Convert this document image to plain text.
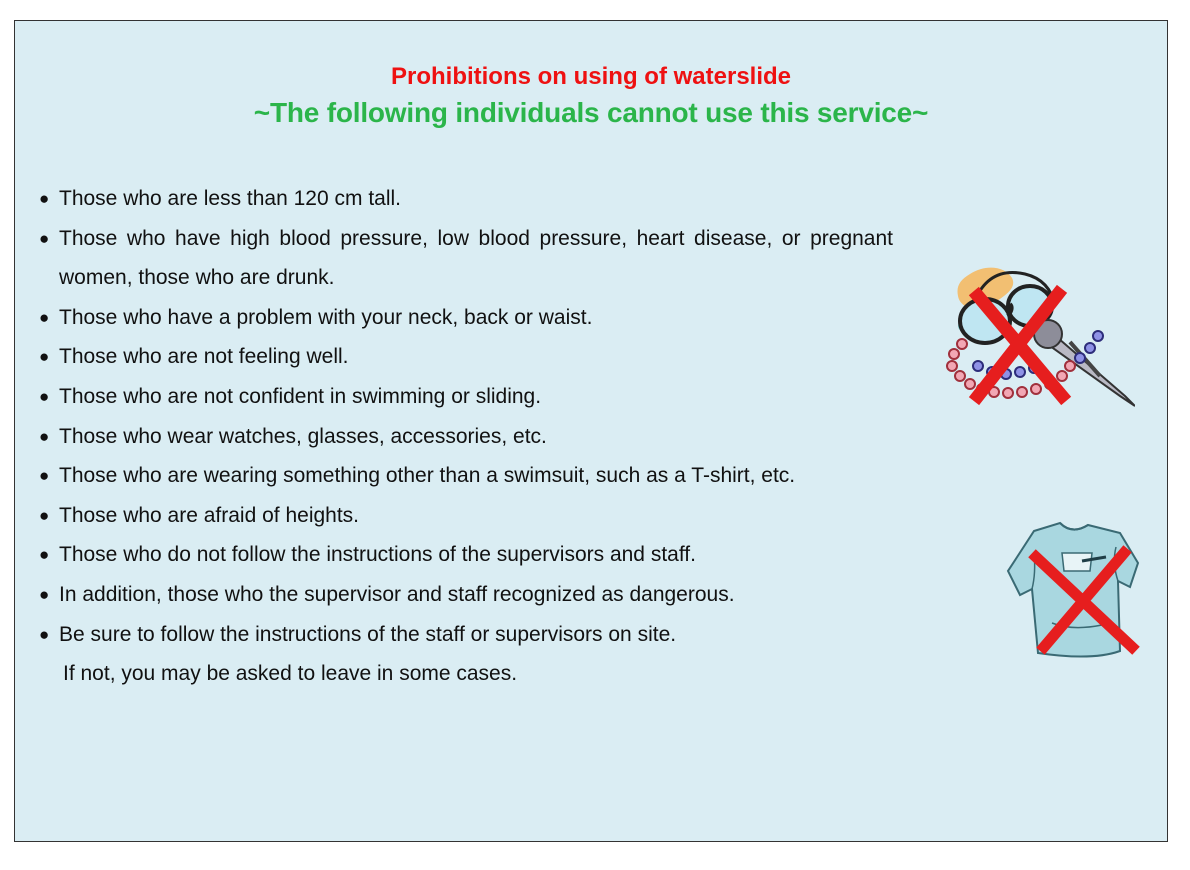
Prohibitions on using of waterslide
~The following individuals cannot use this service~
● Those who are less than 120 cm tall.
● Those who have high blood pressure, low blood pressure, heart disease, or pregnant women, those who are drunk.
● Those who have a problem with your neck, back or waist.
● Those who are not feeling well.
● Those who are not confident in swimming or sliding.
● Those who wear watches, glasses, accessories, etc.
● Those who are wearing something other than a swimsuit, such as a T-shirt, etc.
● Those who are afraid of heights.
● Those who do not follow the instructions of the supervisors and staff.
● In addition, those who the supervisor and staff recognized as dangerous.
● Be sure to follow the instructions of the staff or supervisors on site.
If not, you may be asked to leave in some cases.
